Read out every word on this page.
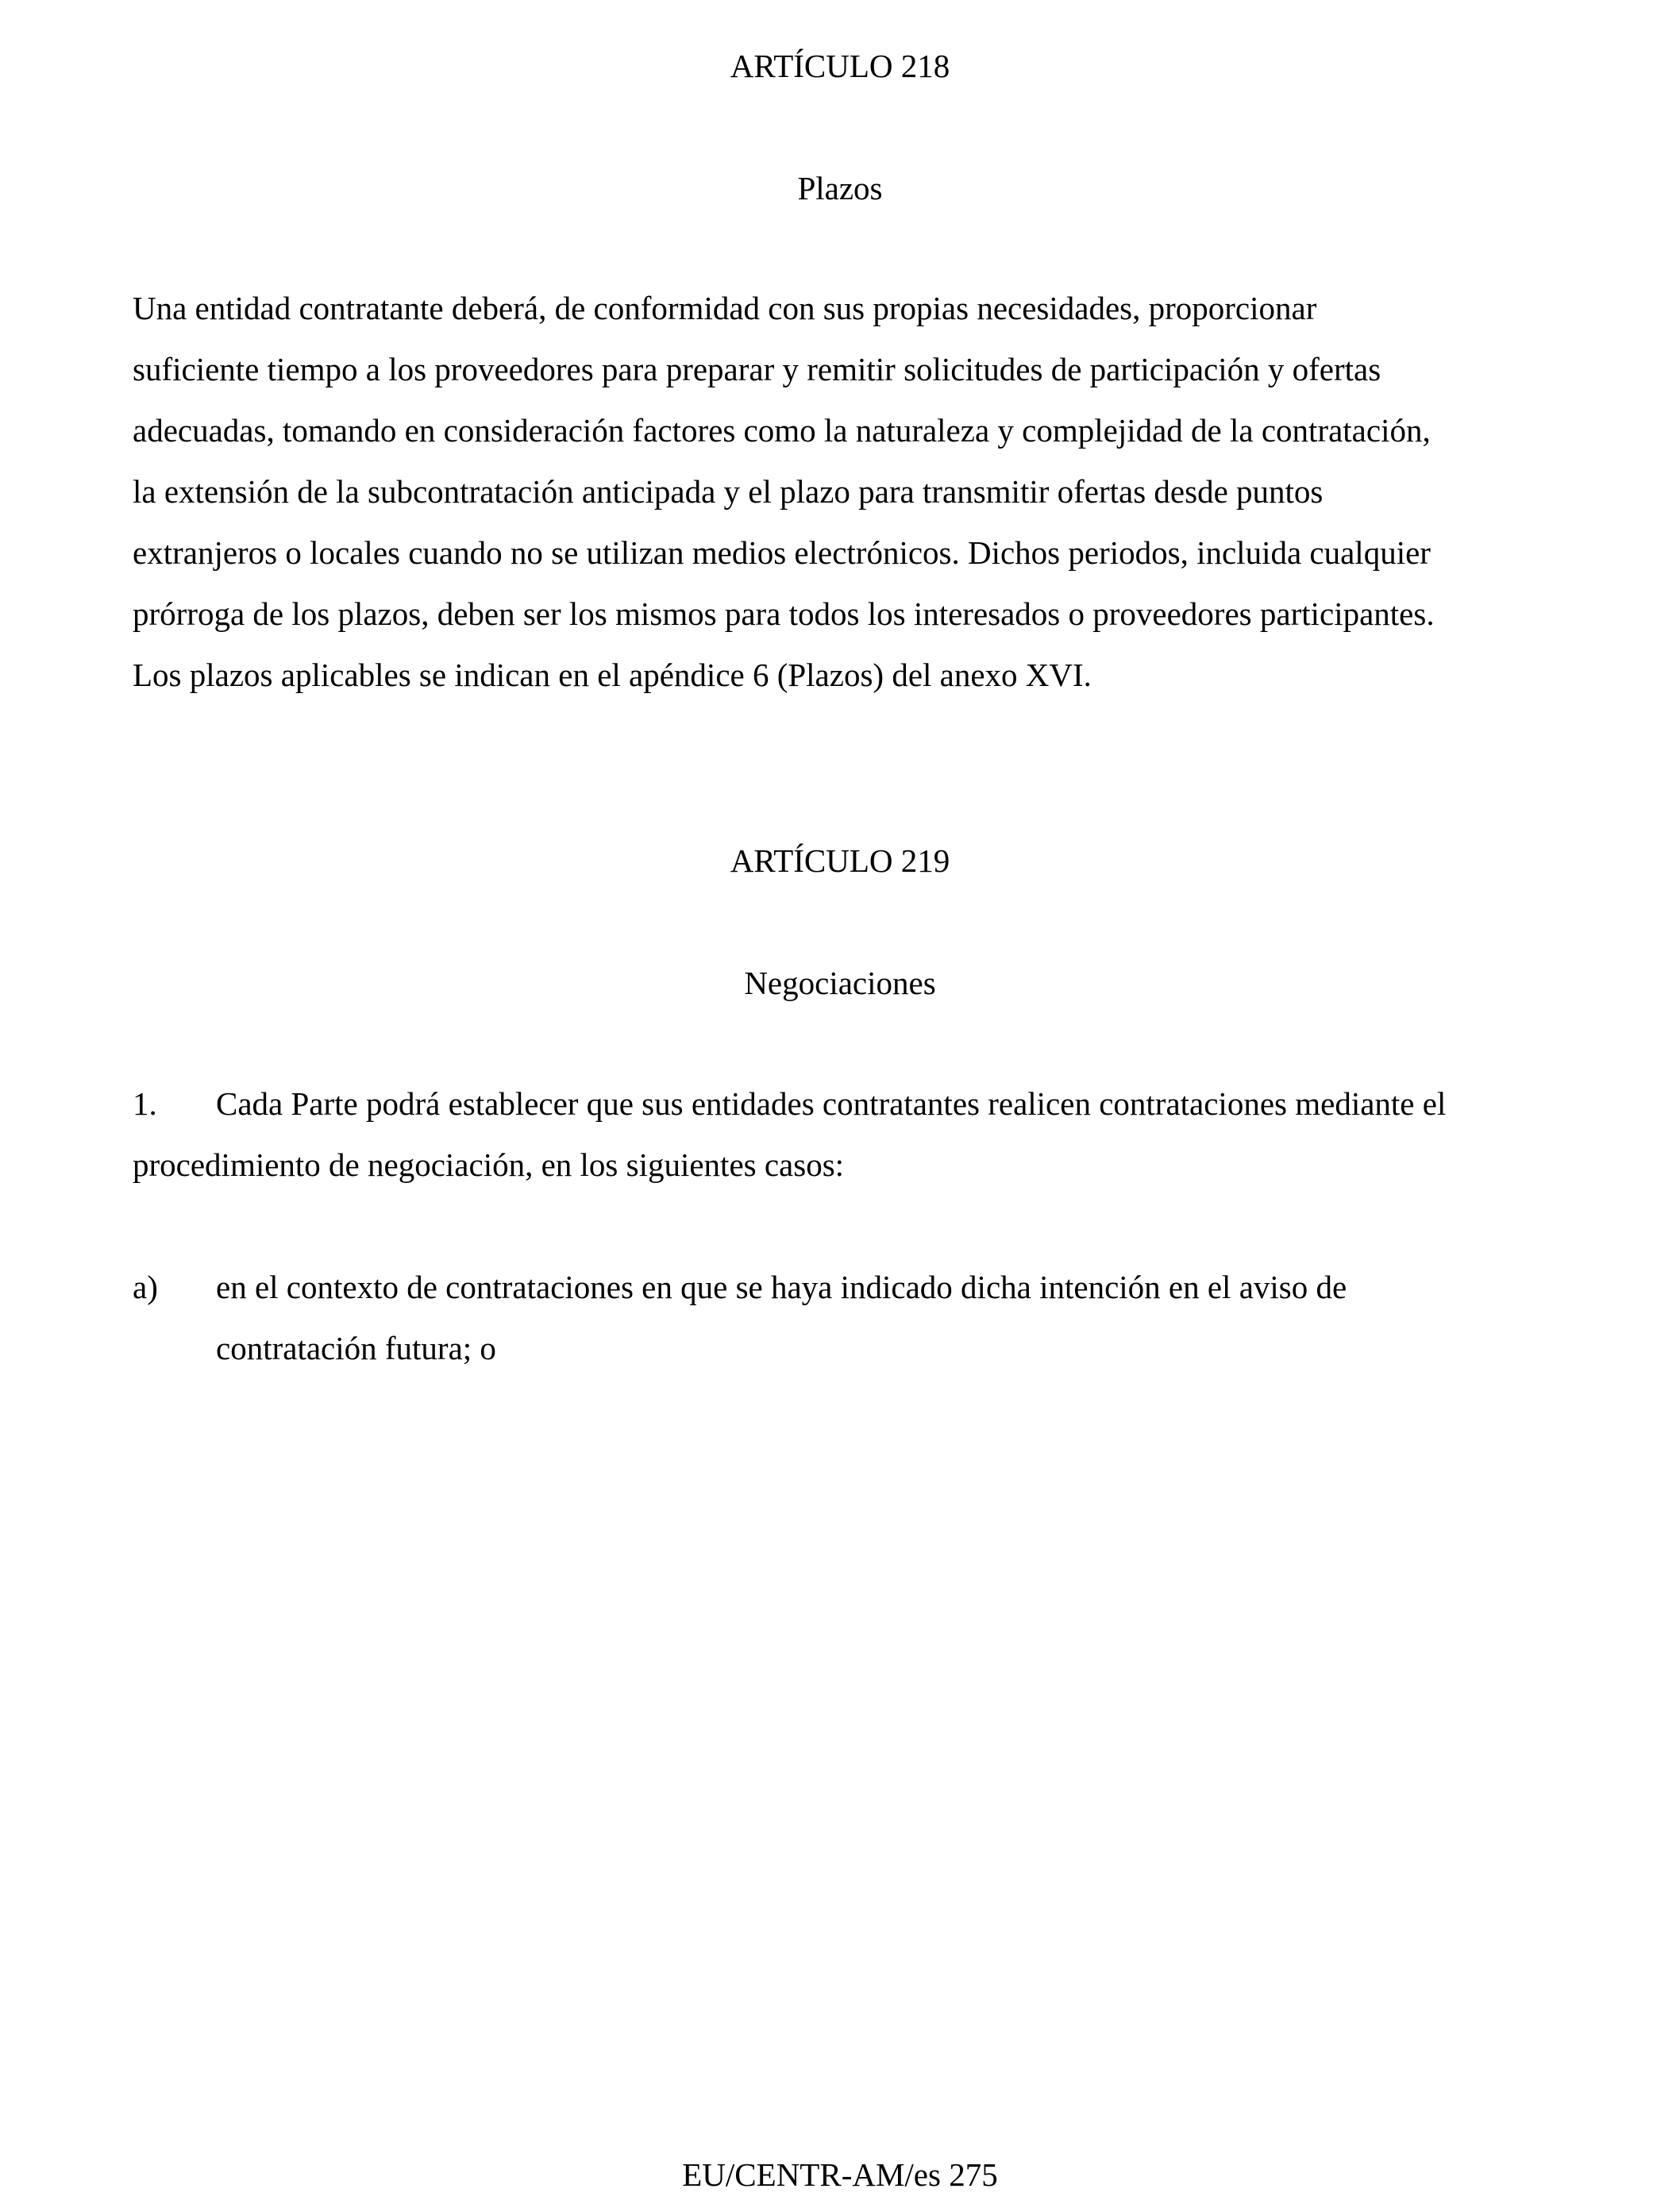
ARTÍCULO 218
Plazos
Una entidad contratante deberá, de conformidad con sus propias necesidades, proporcionar
suficiente tiempo a los proveedores para preparar y remitir solicitudes de participación y ofertas
adecuadas, tomando en consideración factores como la naturaleza y complejidad de la contratación,
la extensión de la subcontratación anticipada y el plazo para transmitir ofertas desde puntos
extranjeros o locales cuando no se utilizan medios electrónicos. Dichos periodos, incluida cualquier
prórroga de los plazos, deben ser los mismos para todos los interesados o proveedores participantes.
Los plazos aplicables se indican en el apéndice 6 (Plazos) del anexo XVI.
ARTÍCULO 219
Negociaciones
1. Cada Parte podrá establecer que sus entidades contratantes realicen contrataciones mediante el
procedimiento de negociación, en los siguientes casos:
a) en el contexto de contrataciones en que se haya indicado dicha intención en el aviso de
contratación futura; o
EU/CENTR-AM/es 275
